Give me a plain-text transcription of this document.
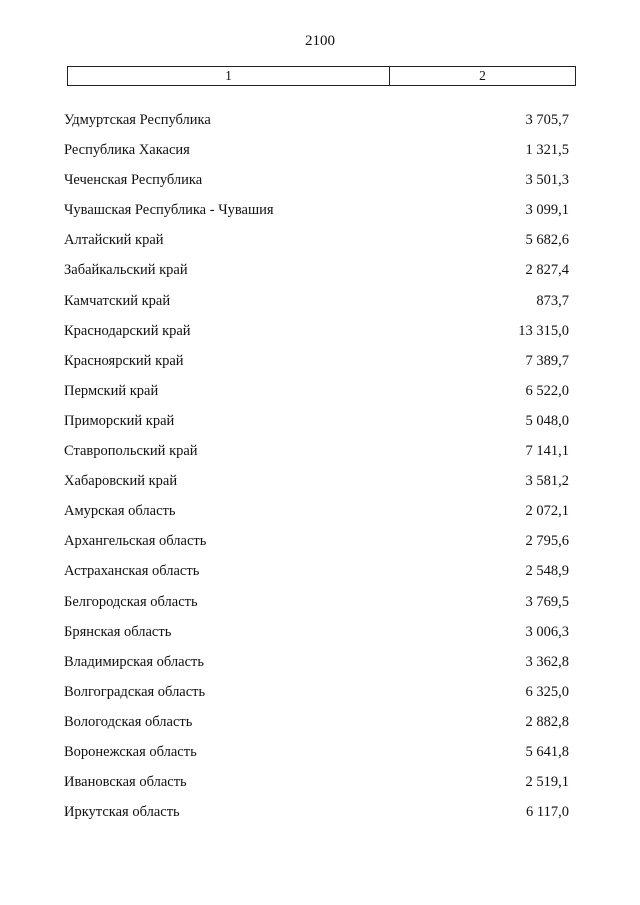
2100
1	2
Удмуртская Республика	3 705,7
Республика Хакасия	1 321,5
Чеченская Республика	3 501,3
Чувашская Республика - Чувашия	3 099,1
Алтайский край	5 682,6
Забайкальский край	2 827,4
Камчатский край	873,7
Краснодарский край	13 315,0
Красноярский край	7 389,7
Пермский край	6 522,0
Приморский край	5 048,0
Ставропольский край	7 141,1
Хабаровский край	3 581,2
Амурская область	2 072,1
Архангельская область	2 795,6
Астраханская область	2 548,9
Белгородская область	3 769,5
Брянская область	3 006,3
Владимирская область	3 362,8
Волгоградская область	6 325,0
Вологодская область	2 882,8
Воронежская область	5 641,8
Ивановская область	2 519,1
Иркутская область	6 117,0
